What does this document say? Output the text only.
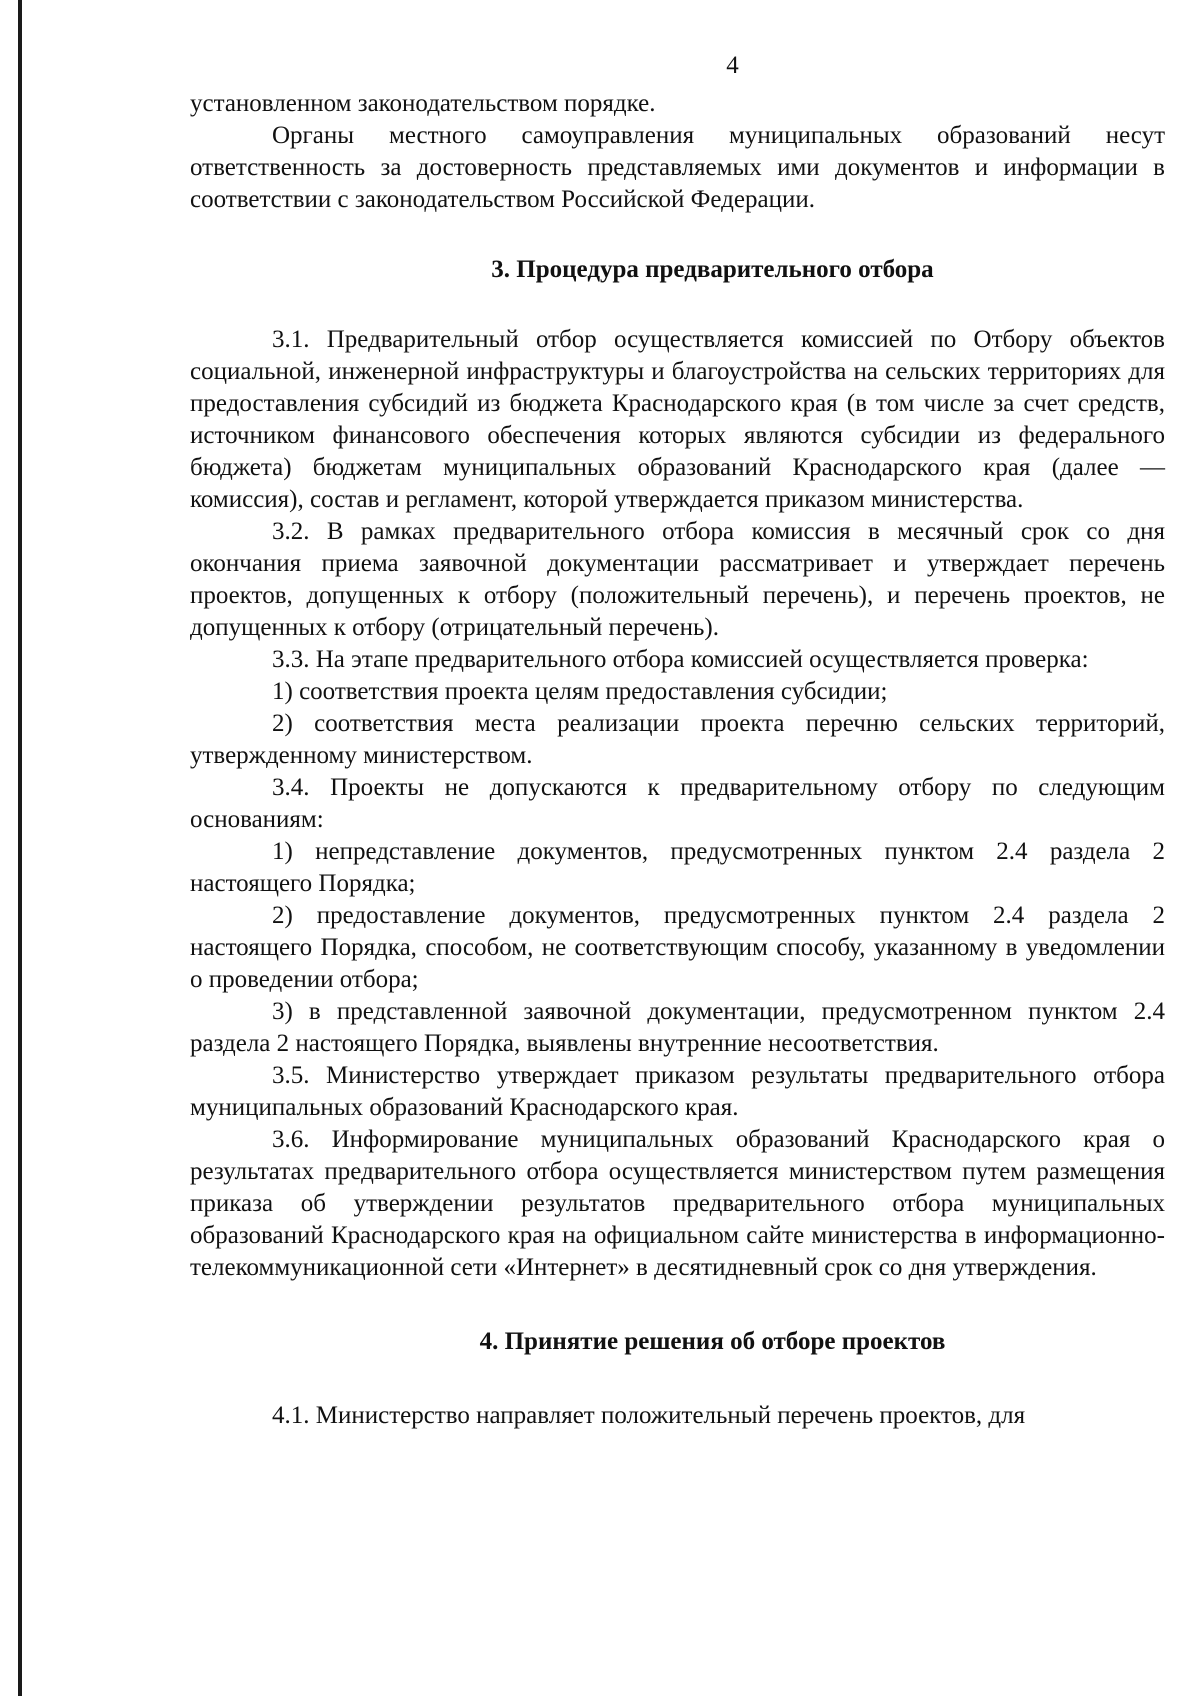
4

установленном законодательством порядке.

Органы местного самоуправления муниципальных образований несут ответственность за достоверность представляемых ими документов и информации в соответствии с законодательством Российской Федерации.

3. Процедура предварительного отбора

3.1. Предварительный отбор осуществляется комиссией по Отбору объектов социальной, инженерной инфраструктуры и благоустройства на сельских территориях для предоставления субсидий из бюджета Краснодарского края (в том числе за счет средств, источником финансового обеспечения которых являются субсидии из федерального бюджета) бюджетам муниципальных образований Краснодарского края (далее — комиссия), состав и регламент, которой утверждается приказом министерства.

3.2. В рамках предварительного отбора комиссия в месячный срок со дня окончания приема заявочной документации рассматривает и утверждает перечень проектов, допущенных к отбору (положительный перечень), и перечень проектов, не допущенных к отбору (отрицательный перечень).

3.3. На этапе предварительного отбора комиссией осуществляется проверка:

1) соответствия проекта целям предоставления субсидии;

2) соответствия места реализации проекта перечню сельских территорий, утвержденному министерством.

3.4. Проекты не допускаются к предварительному отбору по следующим основаниям:

1) непредставление документов, предусмотренных пунктом 2.4 раздела 2 настоящего Порядка;

2) предоставление документов, предусмотренных пунктом 2.4 раздела 2 настоящего Порядка, способом, не соответствующим способу, указанному в уведомлении о проведении отбора;

3) в представленной заявочной документации, предусмотренном пунктом 2.4 раздела 2 настоящего Порядка, выявлены внутренние несоответствия.

3.5. Министерство утверждает приказом результаты предварительного отбора муниципальных образований Краснодарского края.

3.6. Информирование муниципальных образований Краснодарского края о результатах предварительного отбора осуществляется министерством путем размещения приказа об утверждении результатов предварительного отбора муниципальных образований Краснодарского края на официальном сайте министерства в информационно-телекоммуникационной сети «Интернет» в десятидневный срок со дня утверждения.

4. Принятие решения об отборе проектов

4.1. Министерство направляет положительный перечень проектов, для
